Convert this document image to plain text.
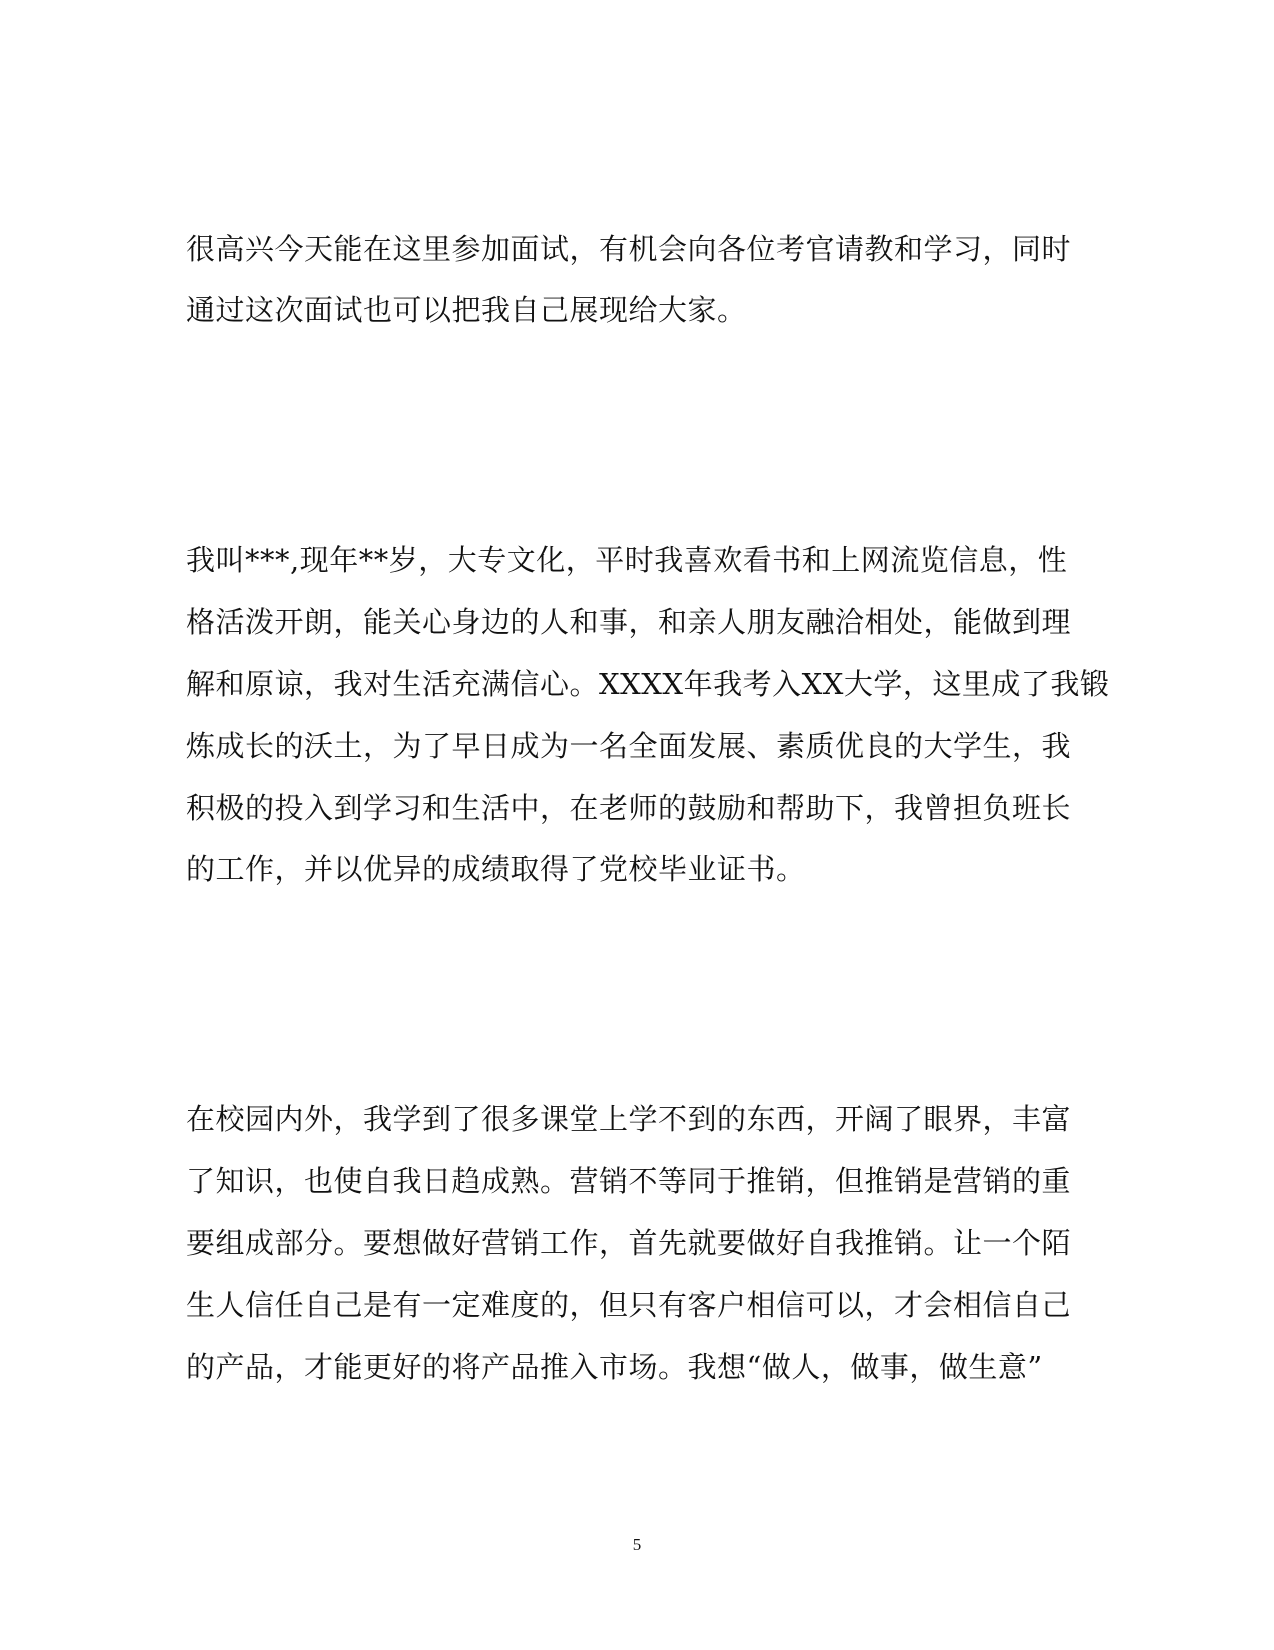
很高兴今天能在这里参加面试，有机会向各位考官请教和学习，同时
通过这次面试也可以把我自己展现给大家。
我叫***,现年**岁，大专文化，平时我喜欢看书和上网流览信息，性
格活泼开朗，能关心身边的人和事，和亲人朋友融洽相处，能做到理
解和原谅，我对生活充满信心。XXXX年我考入XX大学，这里成了我锻
炼成长的沃土，为了早日成为一名全面发展、素质优良的大学生，我
积极的投入到学习和生活中，在老师的鼓励和帮助下，我曾担负班长
的工作，并以优异的成绩取得了党校毕业证书。
在校园内外，我学到了很多课堂上学不到的东西，开阔了眼界，丰富
了知识，也使自我日趋成熟。营销不等同于推销，但推销是营销的重
要组成部分。要想做好营销工作，首先就要做好自我推销。让一个陌
生人信任自己是有一定难度的，但只有客户相信可以，才会相信自己
的产品，才能更好的将产品推入市场。我想“做人，做事，做生意”
5
